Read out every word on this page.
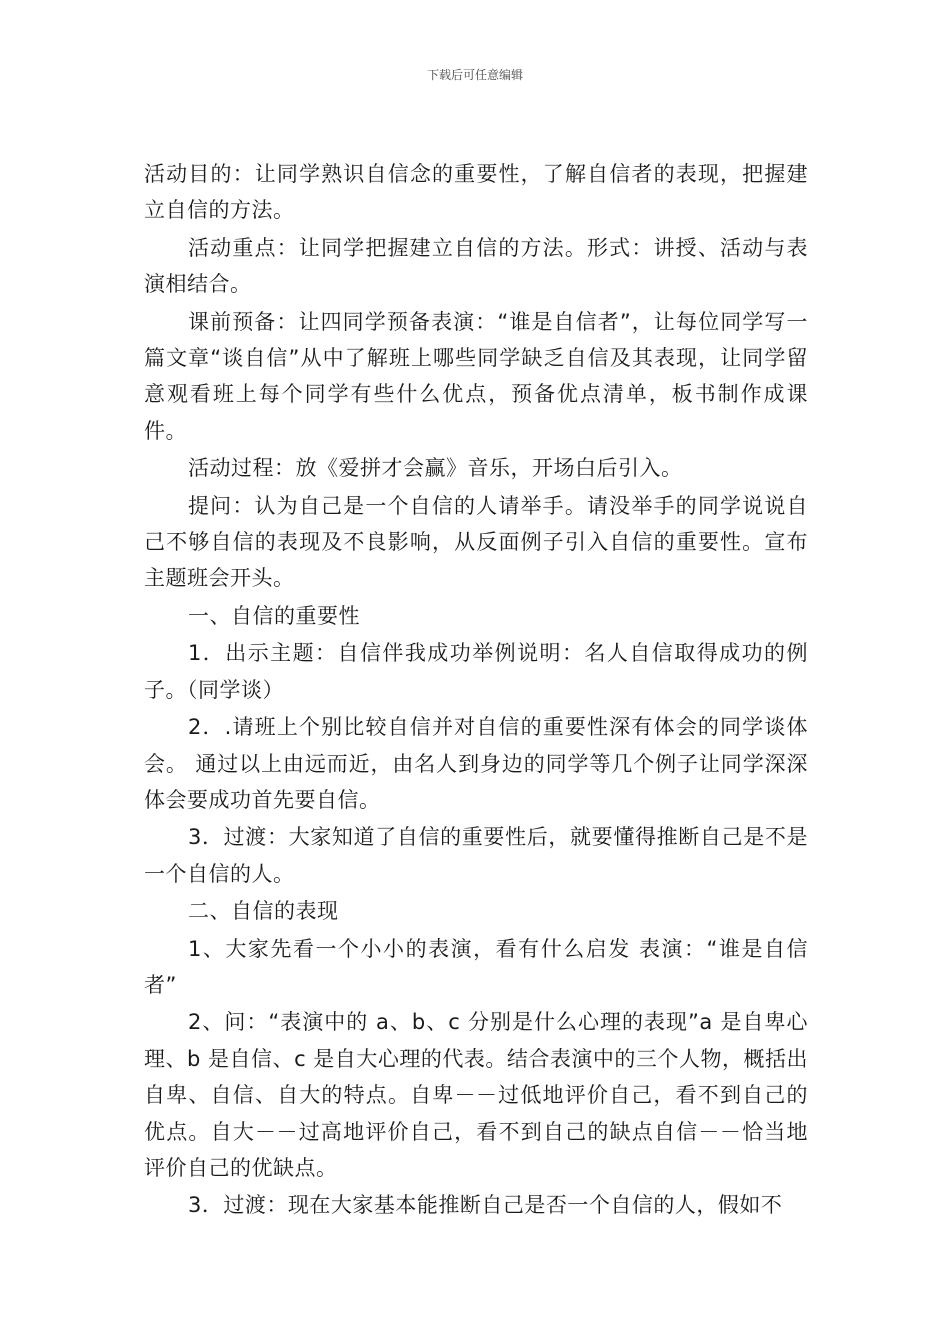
下载后可任意编辑

活动目的：让同学熟识自信念的重要性，了解自信者的表现，把握建立自信的方法。

活动重点：让同学把握建立自信的方法。形式：讲授、活动与表演相结合。

课前预备：让四同学预备表演：“谁是自信者”，让每位同学写一篇文章“谈自信”从中了解班上哪些同学缺乏自信及其表现，让同学留意观看班上每个同学有些什么优点，预备优点清单，板书制作成课件。

活动过程：放《爱拼才会赢》音乐，开场白后引入。

提问：认为自己是一个自信的人请举手。请没举手的同学说说自己不够自信的表现及不良影响，从反面例子引入自信的重要性。宣布主题班会开头。

一、自信的重要性

1．出示主题：自信伴我成功举例说明：名人自信取得成功的例子。（同学谈）

2．.请班上个别比较自信并对自信的重要性深有体会的同学谈体会。 通过以上由远而近，由名人到身边的同学等几个例子让同学深深体会要成功首先要自信。

3．过渡：大家知道了自信的重要性后，就要懂得推断自己是不是一个自信的人。

二、自信的表现

1、大家先看一个小小的表演，看有什么启发 表演：“谁是自信者”

2、问：“表演中的 a、b、c 分别是什么心理的表现”a 是自卑心理、b 是自信、c 是自大心理的代表。结合表演中的三个人物，概括出自卑、自信、自大的特点。自卑－－过低地评价自己，看不到自己的优点。自大－－过高地评价自己，看不到自己的缺点自信－－恰当地评价自己的优缺点。

3．过渡：现在大家基本能推断自己是否一个自信的人，假如不
